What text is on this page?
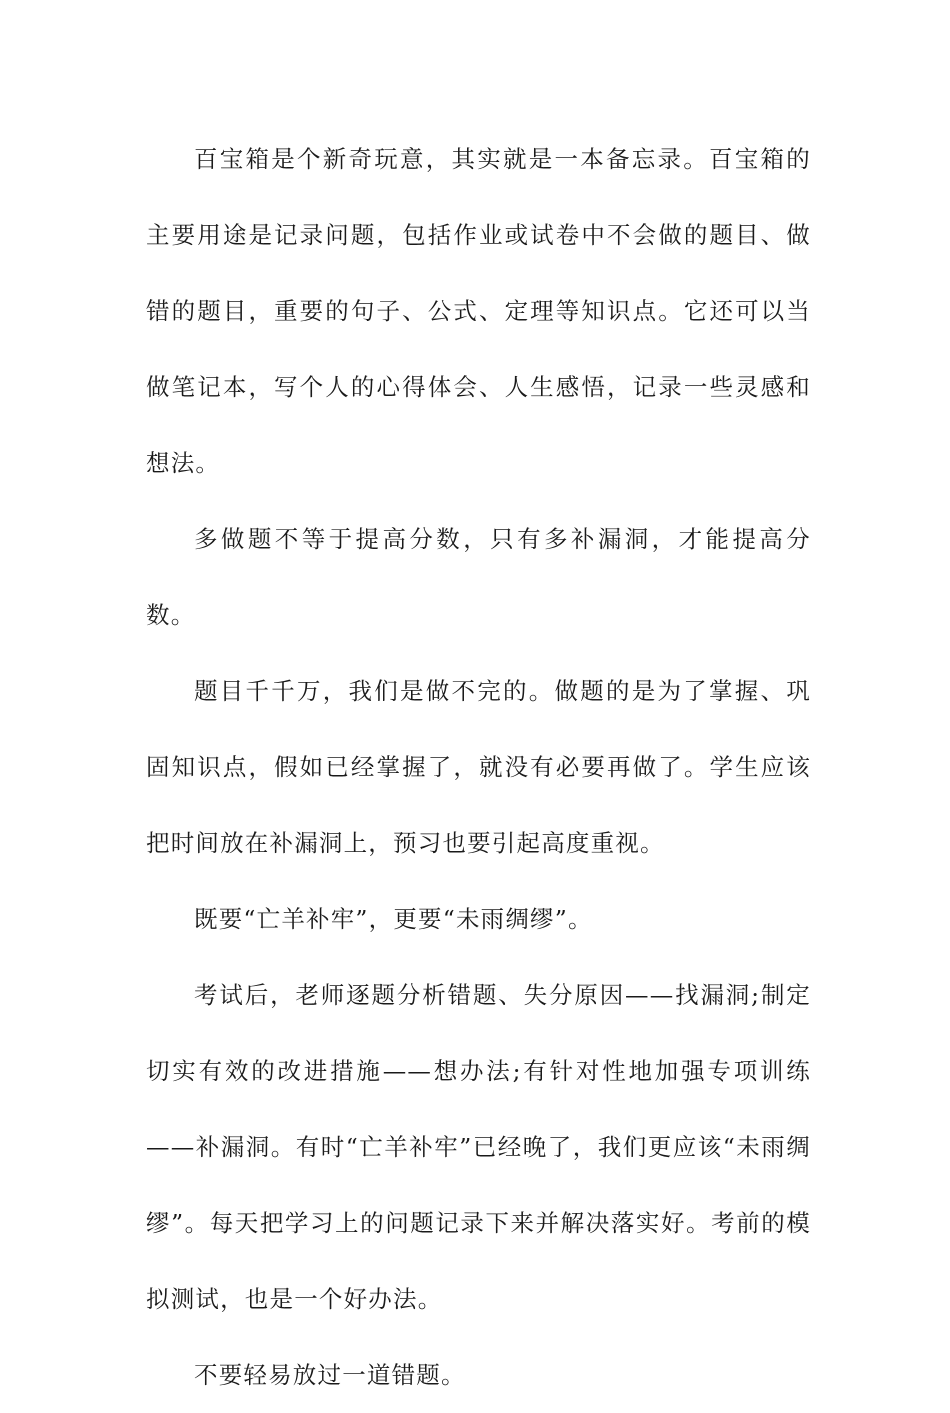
百宝箱是个新奇玩意，其实就是一本备忘录。百宝箱的主要用途是记录问题，包括作业或试卷中不会做的题目、做错的题目，重要的句子、公式、定理等知识点。它还可以当做笔记本，写个人的心得体会、人生感悟，记录一些灵感和想法。

多做题不等于提高分数，只有多补漏洞，才能提高分数。

题目千千万，我们是做不完的。做题的是为了掌握、巩固知识点，假如已经掌握了，就没有必要再做了。学生应该把时间放在补漏洞上，预习也要引起高度重视。

既要“亡羊补牢”，更要“未雨绸缪”。

考试后，老师逐题分析错题、失分原因——找漏洞;制定切实有效的改进措施——想办法;有针对性地加强专项训练——补漏洞。有时“亡羊补牢”已经晚了，我们更应该“未雨绸缪”。每天把学习上的问题记录下来并解决落实好。考前的模拟测试，也是一个好办法。

不要轻易放过一道错题。
